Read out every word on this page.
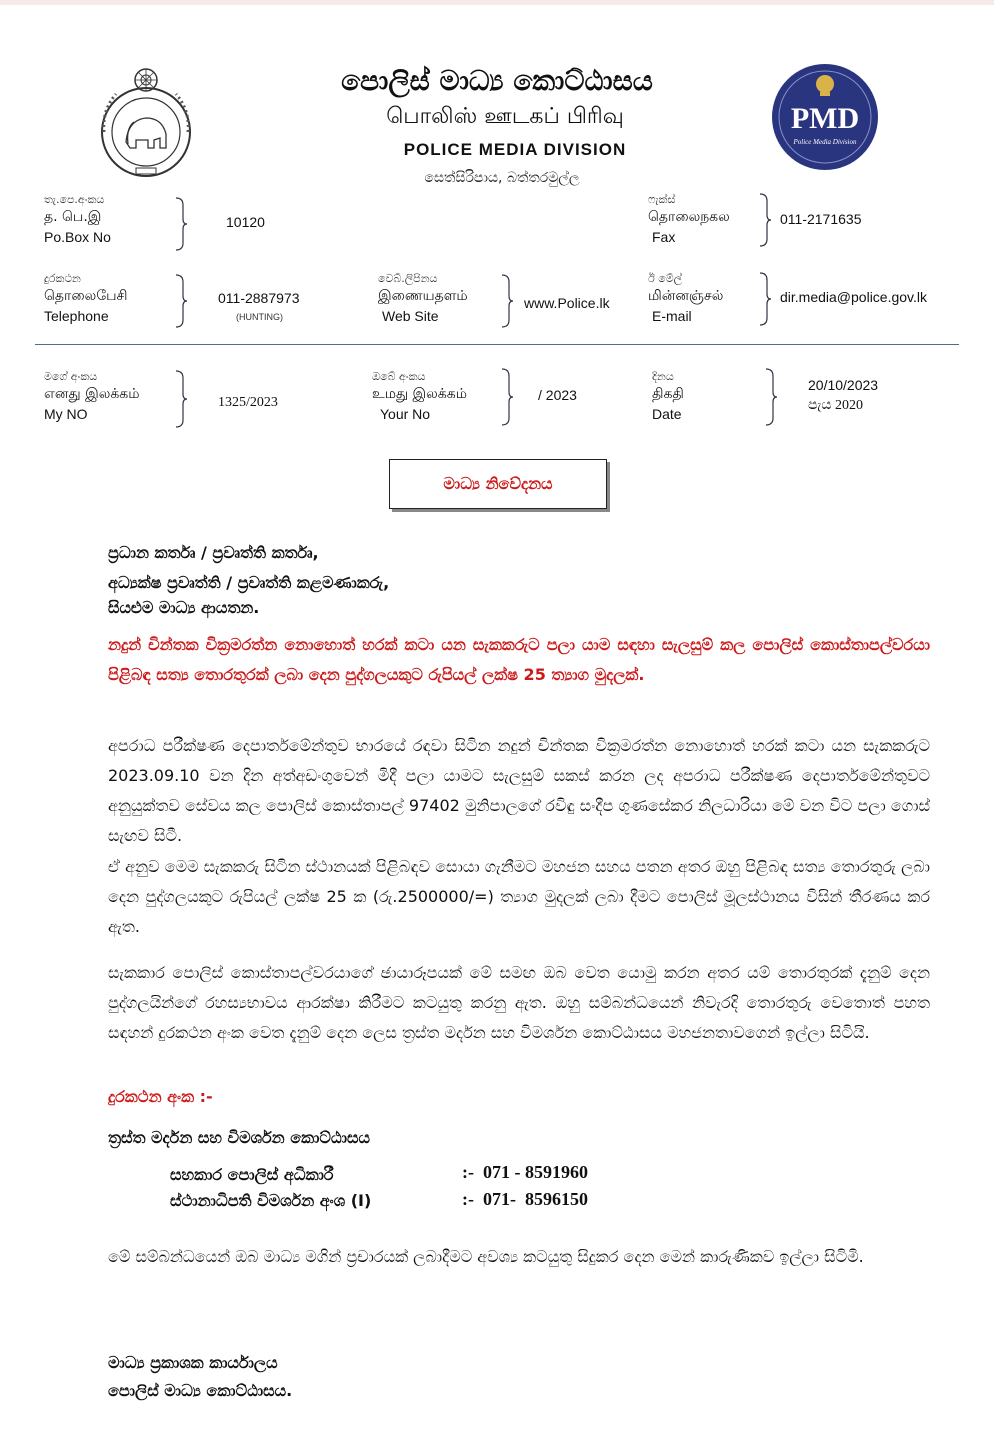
පොලිස් මාධ්‍ය කොට්ඨාසය
பொலிஸ் ஊடகப் பிரிவு
POLICE MEDIA DIVISION
සෙත්සිරිපාය, බත්තරමුල්ල
PMD
Police Media Division
තැ.පෙ.අංකය
த. பெ.இ
Po.Box No
10120
ෆැක්ස්
தொலைநகல
Fax
011-2171635
දුරකථන
தொலைபேசி
Telephone
011-2887973
(HUNTING)
වෙබ්.ලිපිනය
இணையதளம்
Web Site
www.Police.lk
ඊ මේල්
மின்னஞ்சல்
E-mail
dir.media@police.gov.lk
මගේ අංකය
எனது இலக்கம்
My NO
1325/2023
ඔබේ අංකය
உமது இலக்கம்
Your No
/ 2023
දිනය
திகதி
Date
20/10/2023
පැය 2020
මාධ්‍ය නිවේදනය
ප්‍රධාන කර්තෘ / ප්‍රවෘත්ති කර්තෘ,
අධ්‍යක්ෂ ප්‍රවෘත්ති / ප්‍රවෘත්ති කළමණාකරු,
සියළුම මාධ්‍ය ආයතන.
නදුන් චින්තක වික්‍රමරත්න නොහොත් හරක් කටා යන සැකකරුට පලා යාම සඳහා සැලසුම් කල පොලිස් කොස්තාපල්වරයා පිළිබඳ සත්‍ය තොරතුරක් ලබා දෙන පුද්ගලයකුට රුපියල් ලක්ෂ 25 ත්‍යාග මුදලක්.
අපරාධ පරීක්ෂණ දෙපාර්තමේන්තුව භාරයේ රඳවා සිටින නදුන් චින්තක වික්‍රමරත්න නොහොත් හරක් කටා යන සැකකරුට 2023.09.10 වන දින අත්අඩංගුවෙන් මිදී පලා යාමට සැලසුම් සකස් කරන ලද අපරාධ පරීක්ෂණ දෙපාර්තමේන්තුවට අනුයුක්තව සේවය කල පොලිස් කොස්තාපල් 97402 මුනිපාලගේ රවිඳු සංදීප ගුණසේකර නිලධාරියා මේ වන විට පලා ගොස් සැඟව සිටී.
ඒ අනුව මෙම සැකකරු සිටින ස්ථානයක් පිළිබඳව සොයා ගැනීමට මහජන සහය පතන අතර ඔහු පිළිබඳ සත්‍ය තොරතුරු ලබා දෙන පුද්ගලයකුට රුපියල් ලක්ෂ 25 ක (රු.2500000/=) ත්‍යාග මුදලක් ලබා දීමට පොලිස් මූලස්ථානය විසින් තීරණය කර ඇත.
සැකකාර පොලිස් කොස්තාපල්වරයාගේ ඡායාරූපයක් මේ සමඟ ඔබ වෙත යොමු කරන අතර යම් තොරතුරක් දැනුම් දෙන පුද්ගලයින්ගේ රහස්‍යභාවය ආරක්ෂා කිරීමට කටයුතු කරනු ඇත. ඔහු සම්බන්ධයෙන් නිවැරදි තොරතුරු වෙතොත් පහත සඳහන් දුරකථන අංක වෙත දැනුම් දෙන ලෙස ත්‍රස්ත මර්දන සහ විමර්ශන කොට්ඨාසය මහජනතාවගෙන් ඉල්ලා සිටියි.
දුරකථන අංක :-
ත්‍රස්ත මර්දන සහ විමර්ශන කොට්ඨාසය
සහකාර පොලිස් අධිකාරී	:-  071 - 8591960
ස්ථානාධිපති විමර්ශන අංශ (I)	:-  071-  8596150
මේ සම්බන්ධයෙන් ඔබ මාධ්‍ය මගින් ප්‍රචාරයක් ලබාදීමට අවශ්‍ය කටයුතු සිදුකර දෙන මෙන් කාරුණිකව ඉල්ලා සිටිමි.
මාධ්‍ය ප්‍රකාශක කාර්යාලය
පොලිස් මාධ්‍ය කොට්ඨාසය.
